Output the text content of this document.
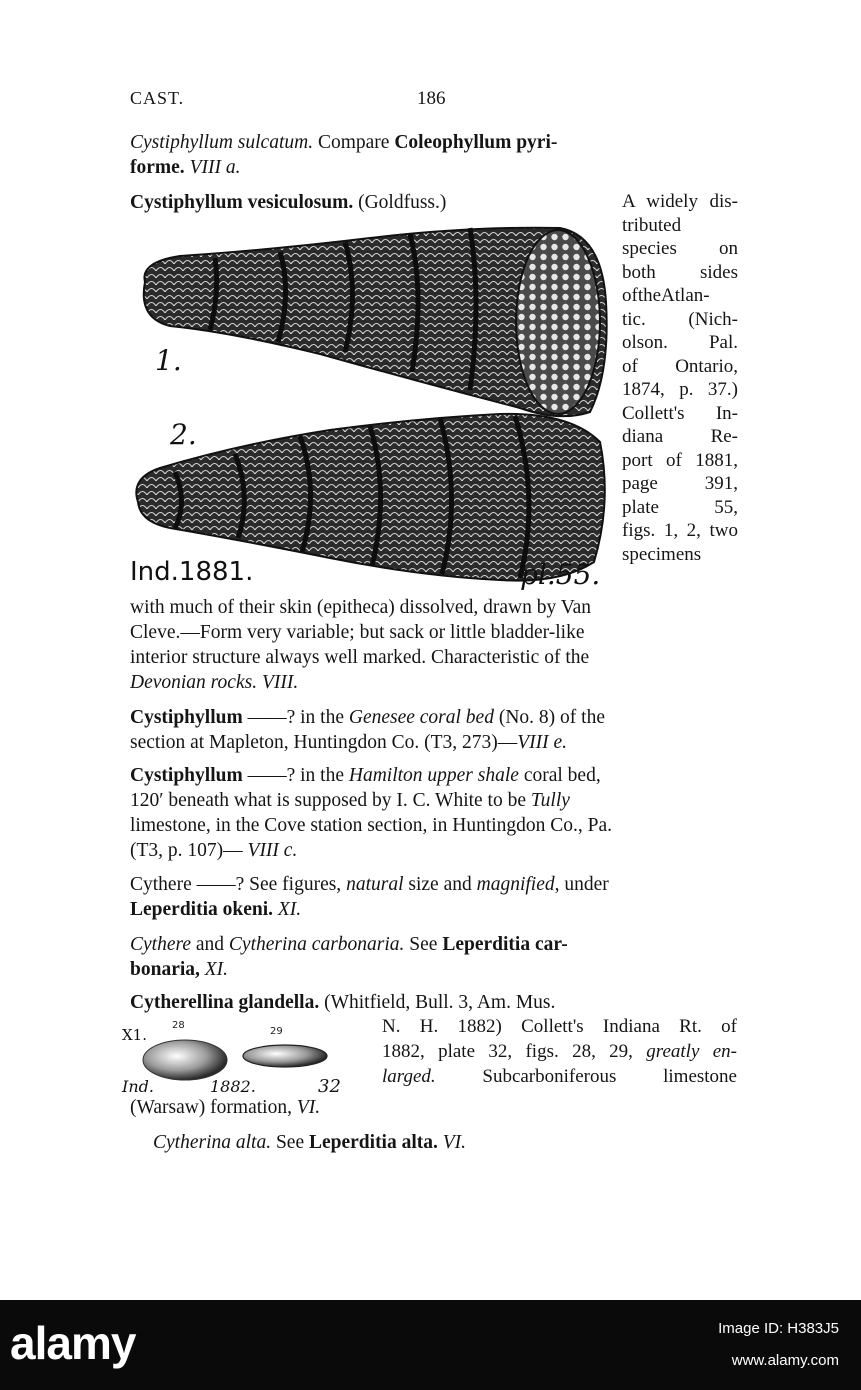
CAST.	186
Cystiphyllum sulcatum. Compare Coleophyllum pyri-
forme. VIII a.
Cystiphyllum vesiculosum. (Goldfuss.)	A widely dis-
tributed
species on
both sides
oftheAtlan-
tic. (Nich-
olson. Pal.
of Ontario,
1874, p. 37.)
Collett's In-
diana Re-
port of 1881,
page 391,
plate 55,
figs. 1, 2, two
specimens
1.
2.
Ind.1881.	pl.55.
with much of their skin (epitheca) dissolved, drawn by Van
Cleve.—Form very variable; but sack or little bladder-like
interior structure always well marked. Characteristic of the
Devonian rocks. VIII.
Cystiphyllum ——? in the Genesee coral bed (No. 8) of the
section at Mapleton, Huntingdon Co. (T3, 273)—VIII e.
Cystiphyllum ——? in the Hamilton upper shale coral bed,
120′ beneath what is supposed by I. C. White to be Tully
limestone, in the Cove station section, in Huntingdon Co., Pa.
(T3, p. 107)— VIII c.
Cythere ——? See figures, natural size and magnified, under
Leperditia okeni. XI.
Cythere and Cytherina carbonaria. See Leperditia car-
bonaria, XI.
Cytherellina glandella. (Whitfield, Bull. 3, Am. Mus.
X1.
28
29
Ind.	1882.	32
N. H. 1882) Collett's Indiana Rt. of
1882, plate 32, figs. 28, 29, greatly en-
larged. Subcarboniferous limestone
(Warsaw) formation, VI.
Cytherina alta. See Leperditia alta. VI.
alamy	Image ID: H383J5
www.alamy.com
